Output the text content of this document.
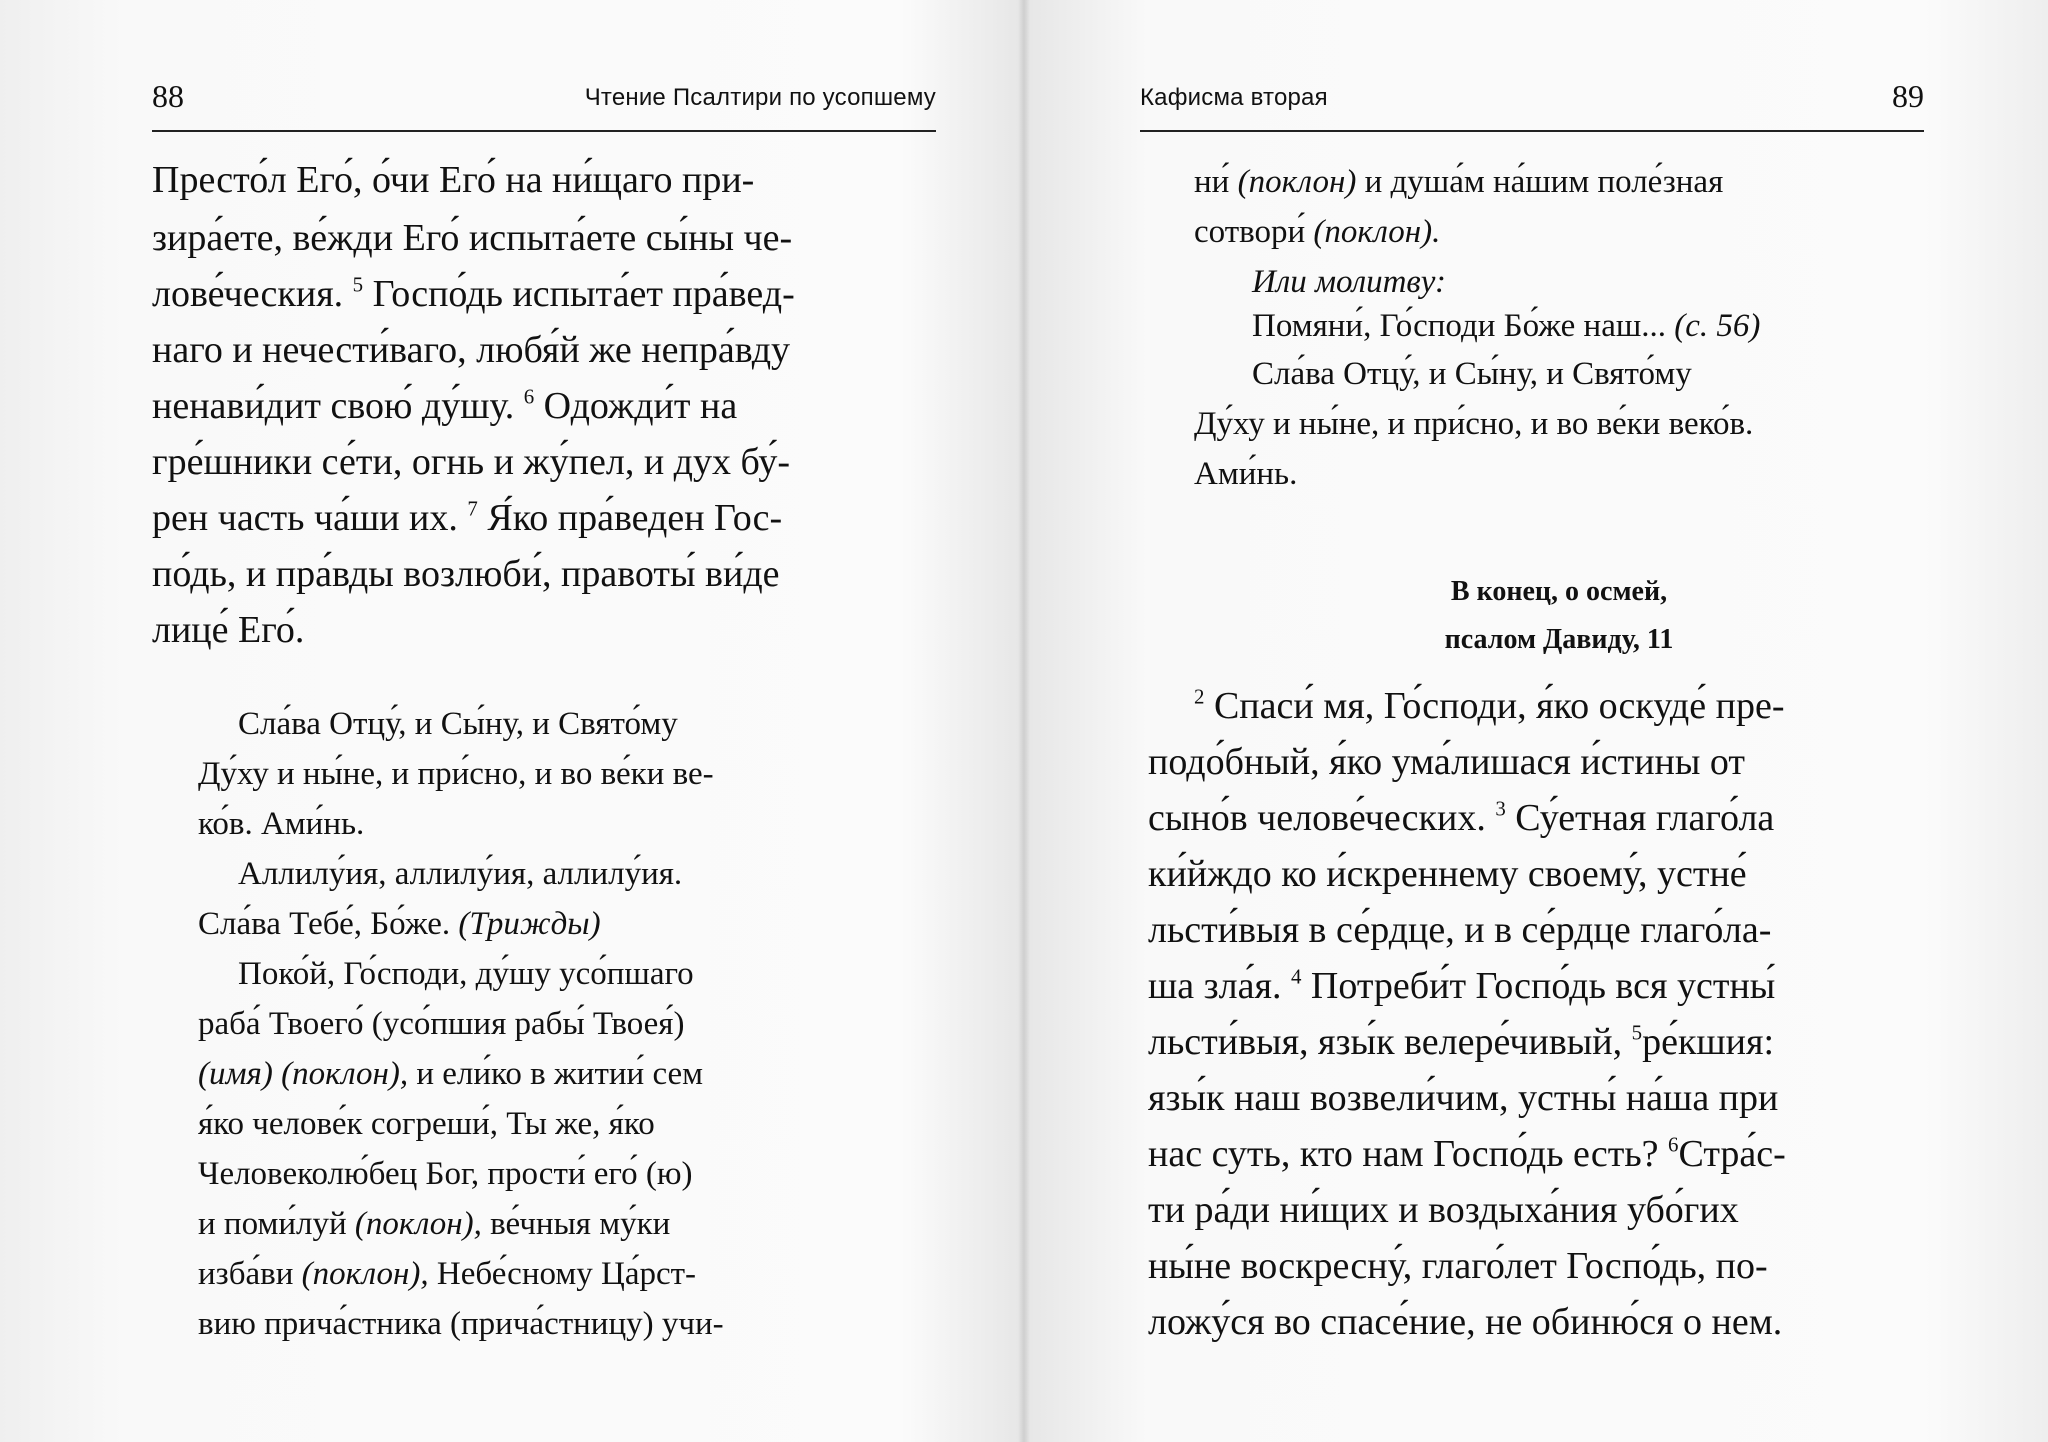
88	Чтение Псалтири по усопшему
Престо́л Его́, о́чи Его́ на ни́щаго при-
зира́ете, ве́жди Его́ испыта́ете сы́ны че-
лове́ческия. $^5$ Госпо́дь испыта́ет пра́вед-
наго и нечести́ваго, любя́й же непра́вду
ненави́дит свою́ ду́шу. $^6$ Одожди́т на
гре́шники се́ти, огнь и жу́пел, и дух бу́-
рен часть ча́ши их. $^7$ Я́ко пра́веден Гос-
по́дь, и пра́вды возлюби́, правоты́ ви́де
лице́ Его́.
Сла́ва Отцу́, и Сы́ну, и Свято́му
Ду́ху и ны́не, и при́сно, и во ве́ки ве-
ко́в. Ами́нь.
Аллилу́ия, аллилу́ия, аллилу́ия.
Сла́ва Тебе́, Бо́же. (Трижды)
Поко́й, Го́споди, ду́шу усо́пшаго
раба́ Твоего́ (усо́пшия рабы́ Твоея́)
(имя) (поклон), и ели́ко в житии́ сем
я́ко челове́к согреши́, Ты же, я́ко
Человеколю́бец Бог, прости́ его́ (ю)
и поми́луй (поклон), ве́чныя му́ки
изба́ви (поклон), Небе́сному Ца́рст-
вию прича́стника (прича́стницу) учи-
Кафисма вторая	89
ни́ (поклон) и душа́м на́шим поле́зная
сотвори́ (поклон).
Или молитву:
Помяни́, Го́споди Бо́же наш... (с. 56)
Сла́ва Отцу́, и Сы́ну, и Свято́му
Ду́ху и ны́не, и при́сно, и во ве́ки веко́в.
Ами́нь.
В конец, о осмей,
псалом Давиду, 11
$^2$ Спаси́ мя, Го́споди, я́ко оскуде́ пре-
подо́бный, я́ко ума́лишася и́стины от
сыно́в челове́ческих. $^3$ Су́етная глаго́ла
ки́йждо ко и́скреннему своему́, устне́
льсти́выя в се́рдце, и в се́рдце глаго́ла-
ша зла́я. $^4$ Потреби́т Госпо́дь вся устны́
льсти́выя, язы́к велере́чивый, $^5$ре́кшия:
язы́к наш возвели́чим, устны́ на́ша при
нас суть, кто нам Госпо́дь есть? $^6$Стра́с-
ти ра́ди ни́щих и воздыха́ния убо́гих
ны́не воскресну́, глаго́лет Госпо́дь, по-
ложу́ся во спасе́ние, не обиню́ся о нем.
